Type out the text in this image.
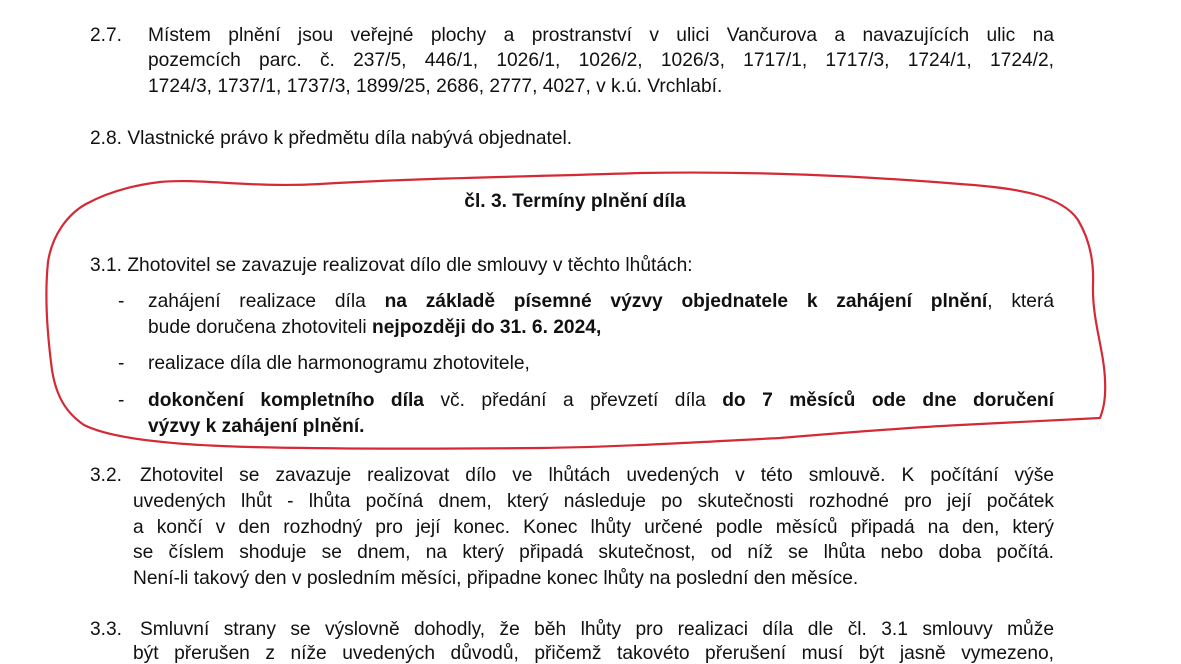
2.7. Místem plnění jsou veřejné plochy a prostranství v ulici Vančurova a navazujících ulic na
pozemcích parc. č. 237/5, 446/1, 1026/1, 1026/2, 1026/3, 1717/1, 1717/3, 1724/1, 1724/2,
1724/3, 1737/1, 1737/3, 1899/25, 2686, 2777, 4027, v k.ú. Vrchlabí.
2.8. Vlastnické právo k předmětu díla nabývá objednatel.
čl. 3. Termíny plnění díla
3.1. Zhotovitel se zavazuje realizovat dílo dle smlouvy v těchto lhůtách:
- zahájení realizace díla na základě písemné výzvy objednatele k zahájení plnění, která
bude doručena zhotoviteli nejpozději do 31. 6. 2024,
- realizace díla dle harmonogramu zhotovitele,
- dokončení kompletního díla vč. předání a převzetí díla do 7 měsíců ode dne doručení
výzvy k zahájení plnění.
3.2. Zhotovitel se zavazuje realizovat dílo ve lhůtách uvedených v této smlouvě. K počítání výše
uvedených lhůt - lhůta počíná dnem, který následuje po skutečnosti rozhodné pro její počátek
a končí v den rozhodný pro její konec. Konec lhůty určené podle měsíců připadá na den, který
se číslem shoduje se dnem, na který připadá skutečnost, od níž se lhůta nebo doba počítá.
Není-li takový den v posledním měsíci, připadne konec lhůty na poslední den měsíce.
3.3. Smluvní strany se výslovně dohodly, že běh lhůty pro realizaci díla dle čl. 3.1 smlouvy může
být přerušen z níže uvedených důvodů, přičemž takovéto přerušení musí být jasně vymezeno,
